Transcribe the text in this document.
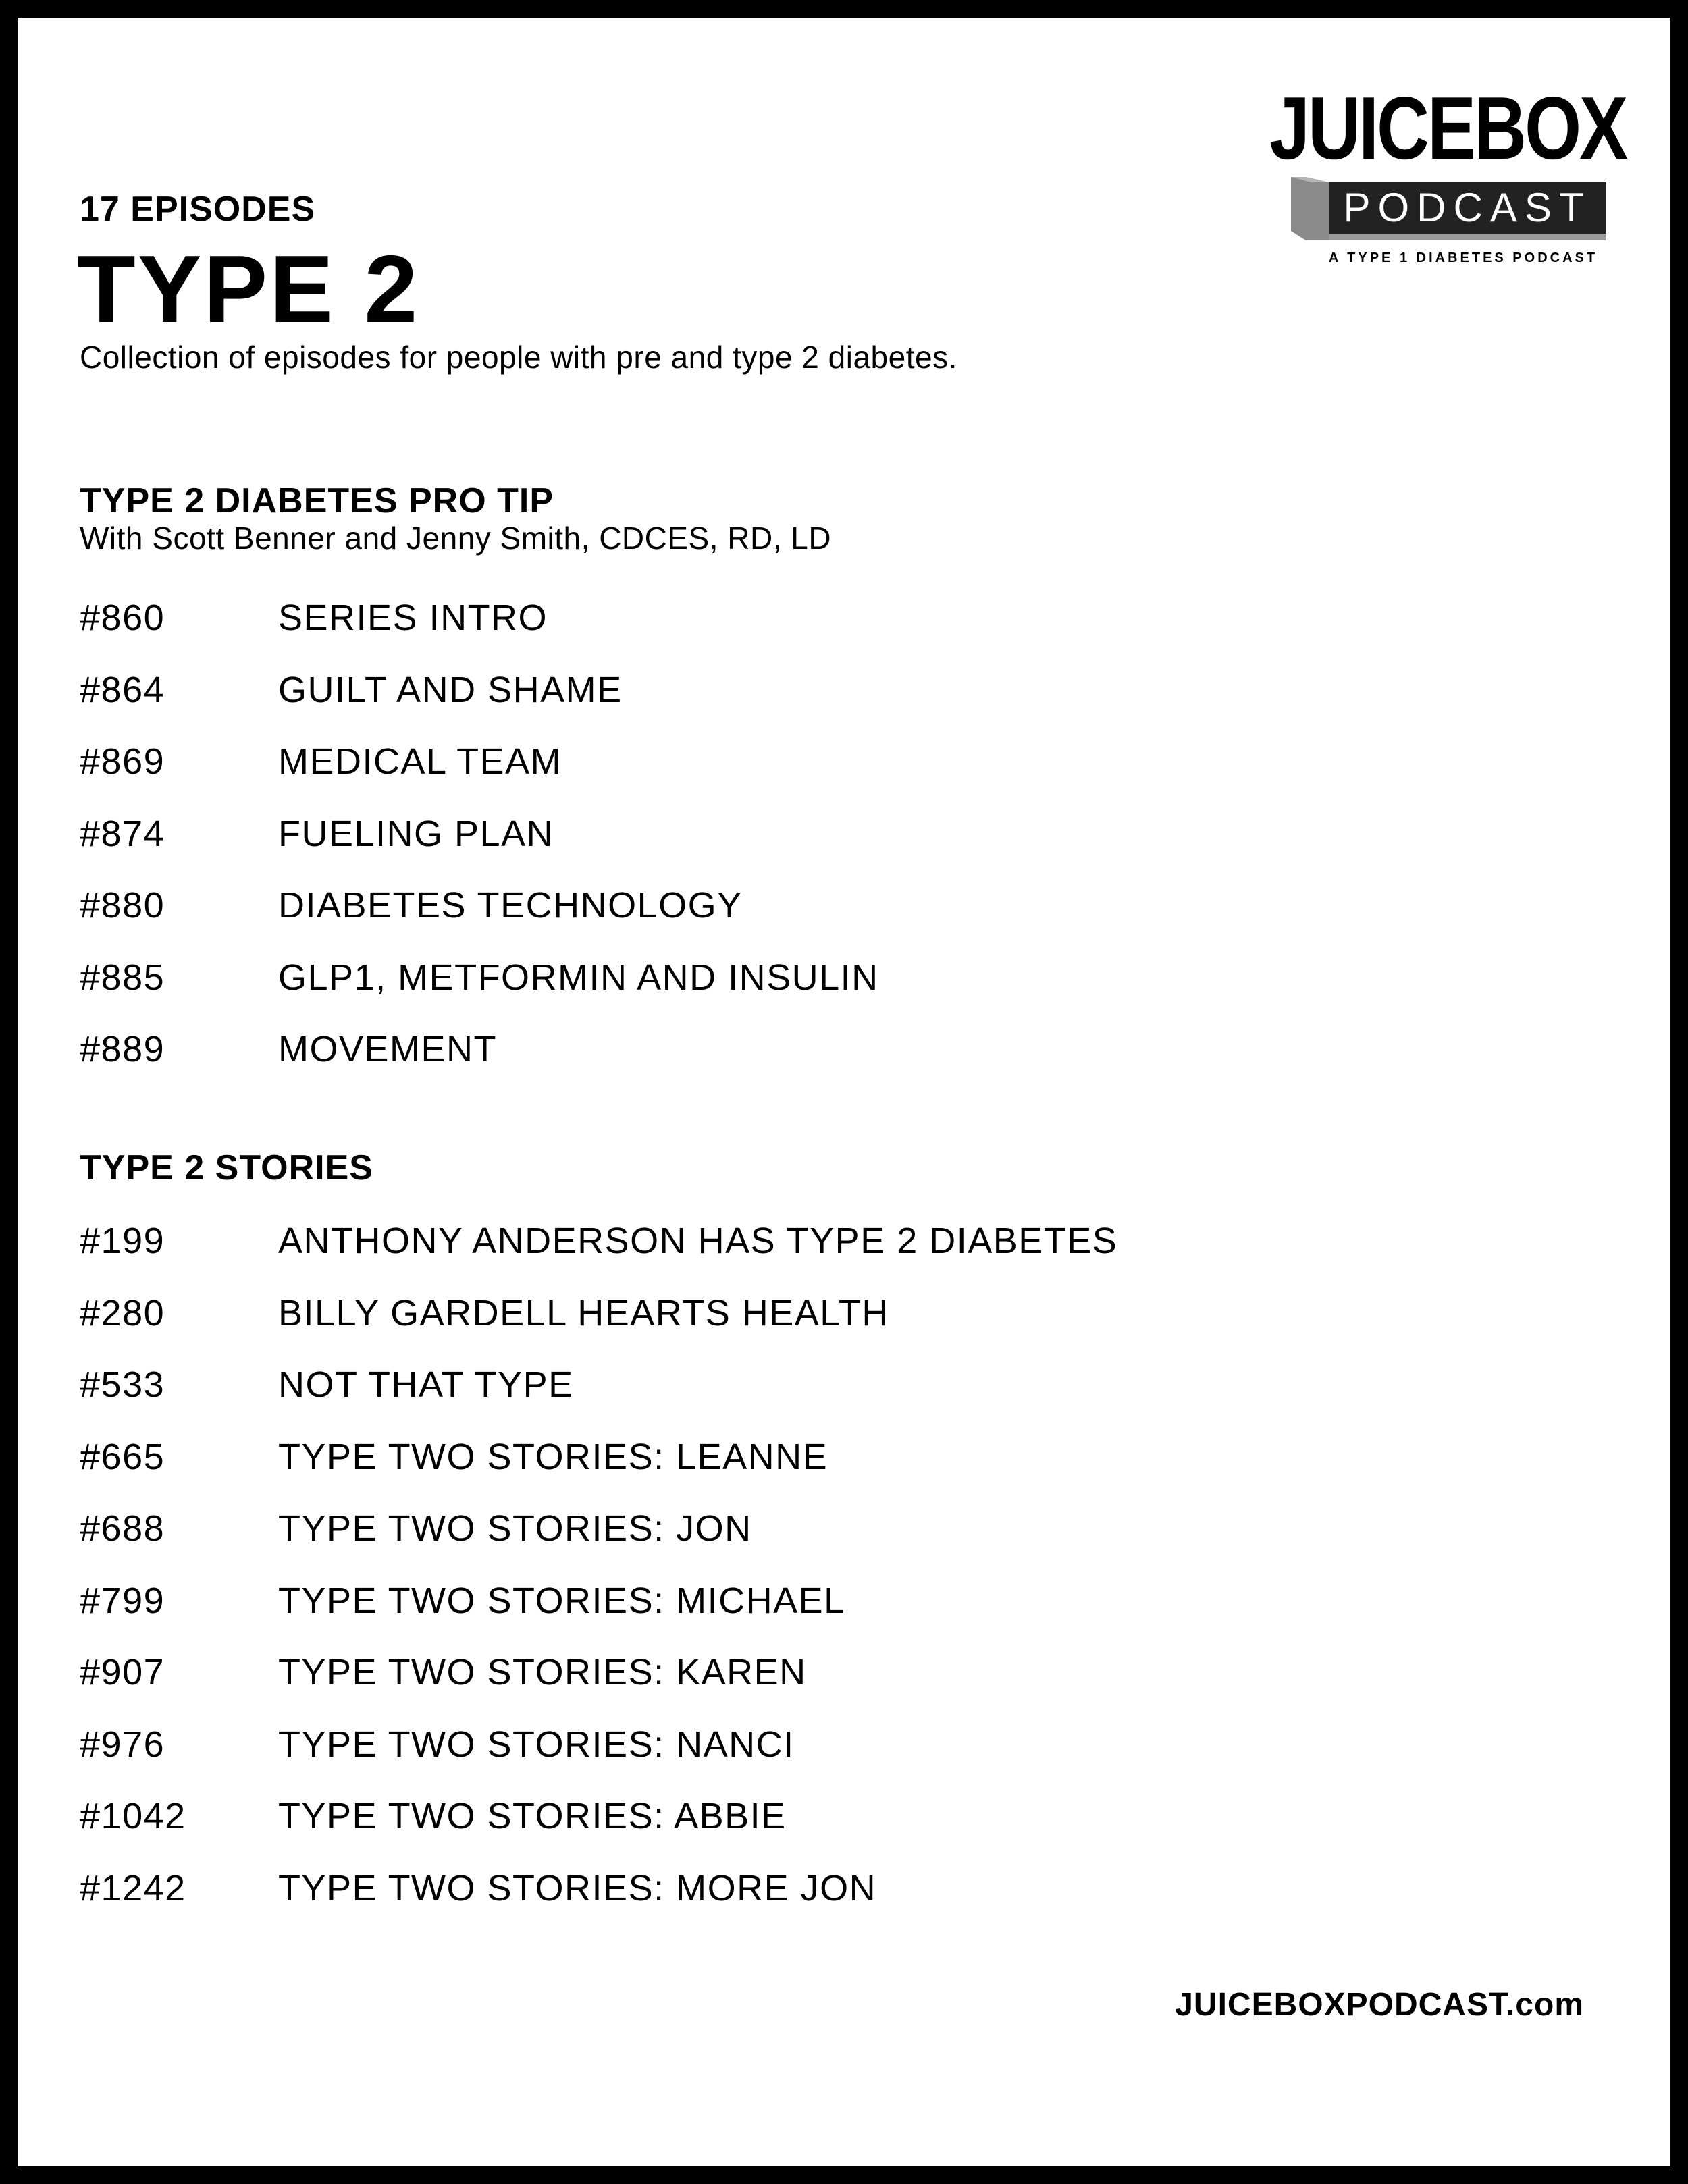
JUICEBOX
PODCAST
A TYPE 1 DIABETES PODCAST
17 EPISODES
TYPE 2
Collection of episodes for people with pre and type 2 diabetes.
TYPE 2 DIABETES PRO TIP
With Scott Benner and Jenny Smith, CDCES, RD, LD
#860	SERIES INTRO
#864	GUILT AND SHAME
#869	MEDICAL TEAM
#874	FUELING PLAN
#880	DIABETES TECHNOLOGY
#885	GLP1, METFORMIN AND INSULIN
#889	MOVEMENT
TYPE 2 STORIES
#199	ANTHONY ANDERSON HAS TYPE 2 DIABETES
#280	BILLY GARDELL HEARTS HEALTH
#533	NOT THAT TYPE
#665	TYPE TWO STORIES: LEANNE
#688	TYPE TWO STORIES: JON
#799	TYPE TWO STORIES: MICHAEL
#907	TYPE TWO STORIES: KAREN
#976	TYPE TWO STORIES: NANCI
#1042	TYPE TWO STORIES: ABBIE
#1242	TYPE TWO STORIES: MORE JON
JUICEBOXPODCAST.com
